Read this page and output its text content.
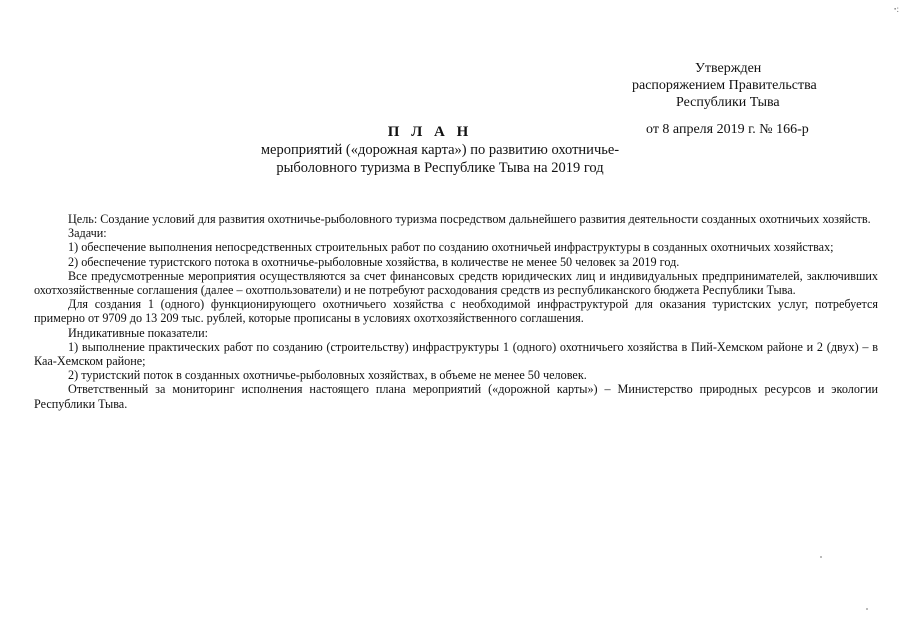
ꞏ:
Утвержден
распоряжением Правительства
Республики Тыва
от 8 апреля 2019 г. № 166-р
П Л А Н
мероприятий («дорожная карта») по развитию охотничье-
рыболовного туризма в Республике Тыва на 2019 год

Цель: Создание условий для развития охотничье-рыболовного туризма посредством дальнейшего развития деятельности созданных охотничьих хозяйств.

Задачи:

1) обеспечение выполнения непосредственных строительных работ по созданию охотничьей инфраструктуры в созданных охотничьих хозяйствах;

2) обеспечение туристского потока в охотничье-рыболовные хозяйства, в количестве не менее 50 человек за 2019 год.

Все предусмотренные мероприятия осуществляются за счет финансовых средств юридических лиц и индивидуальных предпринимателей, заключивших охотхозяйственные соглашения (далее – охотпользователи) и не потребуют расходования средств из республиканского бюджета Республики Тыва.

Для создания 1 (одного) функционирующего охотничьего хозяйства с необходимой инфраструктурой для оказания туристских услуг, потребуется примерно от 9709 до 13 209 тыс. рублей, которые прописаны в условиях охотхозяйственного соглашения.

Индикативные показатели:

1) выполнение практических работ по созданию (строительству) инфраструктуры 1 (одного) охотничьего хозяйства в Пий-Хемском районе и 2 (двух) – в Каа-Хемском районе;

2) туристский поток в созданных охотничье-рыболовных хозяйствах, в объеме не менее 50 человек.

Ответственный за мониторинг исполнения настоящего плана мероприятий («дорожной карты») – Министерство природных ресурсов и экологии Республики Тыва.
